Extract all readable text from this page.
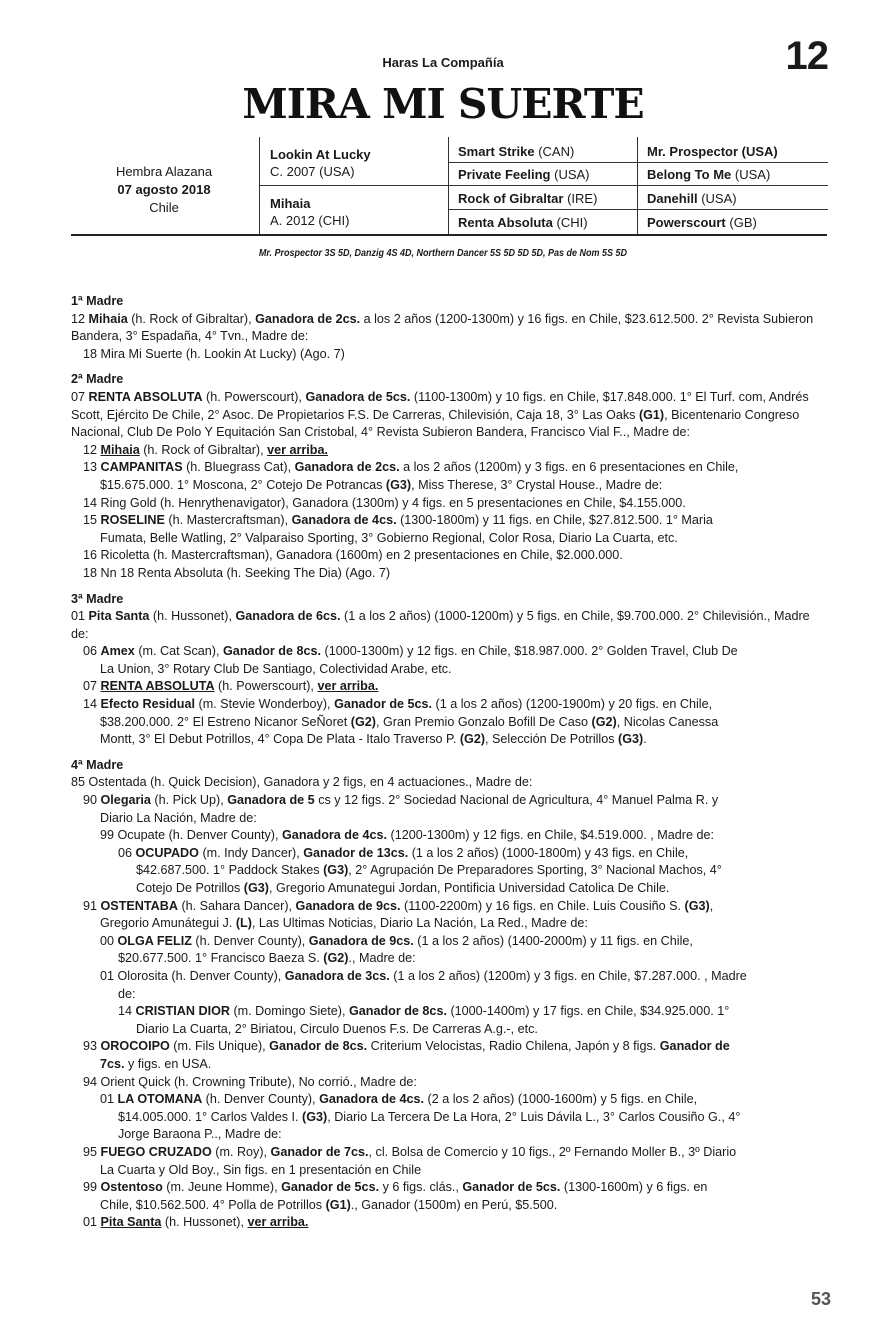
Haras La Compañía	12
MIRA MI SUERTE
Hembra Alazana
07 agosto 2018
Chile
Lookin At Lucky
C. 2007 (USA)
Mihaia
A. 2012 (CHI)
Smart Strike (CAN)
Private Feeling (USA)
Rock of Gibraltar (IRE)
Renta Absoluta (CHI)
Mr. Prospector (USA)
Belong To Me (USA)
Danehill (USA)
Powerscourt (GB)
Mr. Prospector 3S 5D, Danzig 4S 4D, Northern Dancer 5S 5D 5D 5D, Pas de Nom 5S 5D
1ª Madre

12 Mihaia (h. Rock of Gibraltar), Ganadora de 2cs. a los 2 años (1200-1300m) y 16 figs. en Chile, $23.612.500. 2° Revista Subieron Bandera, 3° Espadaña, 4° Tvn., Madre de:

18 Mira Mi Suerte (h. Lookin At Lucky) (Ago. 7)

2ª Madre

07 RENTA ABSOLUTA (h. Powerscourt), Ganadora de 5cs. (1100-1300m) y 10 figs. en Chile, $17.848.000. 1° El Turf. com, Andrés Scott, Ejército De Chile, 2° Asoc. De Propietarios F.S. De Carreras, Chilevisión, Caja 18, 3° Las Oaks (G1), Bicentenario Congreso Nacional, Club De Polo Y Equitación San Cristobal, 4° Revista Subieron Bandera, Francisco Vial F.., Madre de:

12 Mihaia (h. Rock of Gibraltar), ver arriba.

13 CAMPANITAS (h. Bluegrass Cat), Ganadora de 2cs. a los 2 años (1200m) y 3 figs. en 6 presentaciones en Chile,
$15.675.000. 1° Moscona, 2° Cotejo De Potrancas (G3), Miss Therese, 3° Crystal House., Madre de:

14 Ring Gold (h. Henrythenavigator), Ganadora (1300m) y 4 figs. en 5 presentaciones en Chile, $4.155.000.

15 ROSELINE (h. Mastercraftsman), Ganadora de 4cs. (1300-1800m) y 11 figs. en Chile, $27.812.500. 1° Maria
Fumata, Belle Watling, 2° Valparaiso Sporting, 3° Gobierno Regional, Color Rosa, Diario La Cuarta, etc.

16 Ricoletta (h. Mastercraftsman), Ganadora (1600m) en 2 presentaciones en Chile, $2.000.000.

18 Nn 18 Renta Absoluta (h. Seeking The Dia) (Ago. 7)

3ª Madre

01 Pita Santa (h. Hussonet), Ganadora de 6cs. (1 a los 2 años) (1000-1200m) y 5 figs. en Chile, $9.700.000. 2° Chilevisión., Madre de:

06 Amex (m. Cat Scan), Ganador de 8cs. (1000-1300m) y 12 figs. en Chile, $18.987.000. 2° Golden Travel, Club De
La Union, 3° Rotary Club De Santiago, Colectividad Arabe, etc.

07 RENTA ABSOLUTA (h. Powerscourt), ver arriba.

14 Efecto Residual (m. Stevie Wonderboy), Ganador de 5cs. (1 a los 2 años) (1200-1900m) y 20 figs. en Chile,
$38.200.000. 2° El Estreno Nicanor SeÑoret (G2), Gran Premio Gonzalo Bofill De Caso (G2), Nicolas Canessa
Montt, 3° El Debut Potrillos, 4° Copa De Plata - Italo Traverso P. (G2), Selección De Potrillos (G3).

4ª Madre

85 Ostentada (h. Quick Decision), Ganadora y 2 figs, en 4 actuaciones., Madre de:

90 Olegaria (h. Pick Up), Ganadora de 5 cs y 12 figs. 2° Sociedad Nacional de Agricultura, 4° Manuel Palma R. y
Diario La Nación, Madre de:

99 Ocupate (h. Denver County), Ganadora de 4cs. (1200-1300m) y 12 figs. en Chile, $4.519.000. , Madre de:

06 OCUPADO (m. Indy Dancer), Ganador de 13cs. (1 a los 2 años) (1000-1800m) y 43 figs. en Chile,
$42.687.500. 1° Paddock Stakes (G3), 2° Agrupación De Preparadores Sporting, 3° Nacional Machos, 4°
Cotejo De Potrillos (G3), Gregorio Amunategui Jordan, Pontificia Universidad Catolica De Chile.

91 OSTENTABA (h. Sahara Dancer), Ganadora de 9cs. (1100-2200m) y 16 figs. en Chile. Luis Cousiño S. (G3),
Gregorio Amunátegui J. (L), Las Ultimas Noticias, Diario La Nación, La Red., Madre de:

00 OLGA FELIZ (h. Denver County), Ganadora de 9cs. (1 a los 2 años) (1400-2000m) y 11 figs. en Chile,
$20.677.500. 1° Francisco Baeza S. (G2)., Madre de:

01 Olorosita (h. Denver County), Ganadora de 3cs. (1 a los 2 años) (1200m) y 3 figs. en Chile, $7.287.000. , Madre
de:

14 CRISTIAN DIOR (m. Domingo Siete), Ganador de 8cs. (1000-1400m) y 17 figs. en Chile, $34.925.000. 1°
Diario La Cuarta, 2° Biriatou, Circulo Duenos F.s. De Carreras A.g.-, etc.

93 OROCOIPO (m. Fils Unique), Ganador de 8cs. Criterium Velocistas, Radio Chilena, Japón y 8 figs. Ganador de
7cs. y figs. en USA.

94 Orient Quick (h. Crowning Tribute), No corrió., Madre de:

01 LA OTOMANA (h. Denver County), Ganadora de 4cs. (2 a los 2 años) (1000-1600m) y 5 figs. en Chile,
$14.005.000. 1° Carlos Valdes I. (G3), Diario La Tercera De La Hora, 2° Luis Dávila L., 3° Carlos Cousiño G., 4°
Jorge Baraona P.., Madre de:

95 FUEGO CRUZADO (m. Roy), Ganador de 7cs., cl. Bolsa de Comercio y 10 figs., 2º Fernando Moller B., 3º Diario
La Cuarta y Old Boy., Sin figs. en 1 presentación en Chile

99 Ostentoso (m. Jeune Homme), Ganador de 5cs. y 6 figs. clás., Ganador de 5cs. (1300-1600m) y 6 figs. en
Chile, $10.562.500. 4° Polla de Potrillos (G1)., Ganador (1500m) en Perú, $5.500.

01 Pita Santa (h. Hussonet), ver arriba.

53
